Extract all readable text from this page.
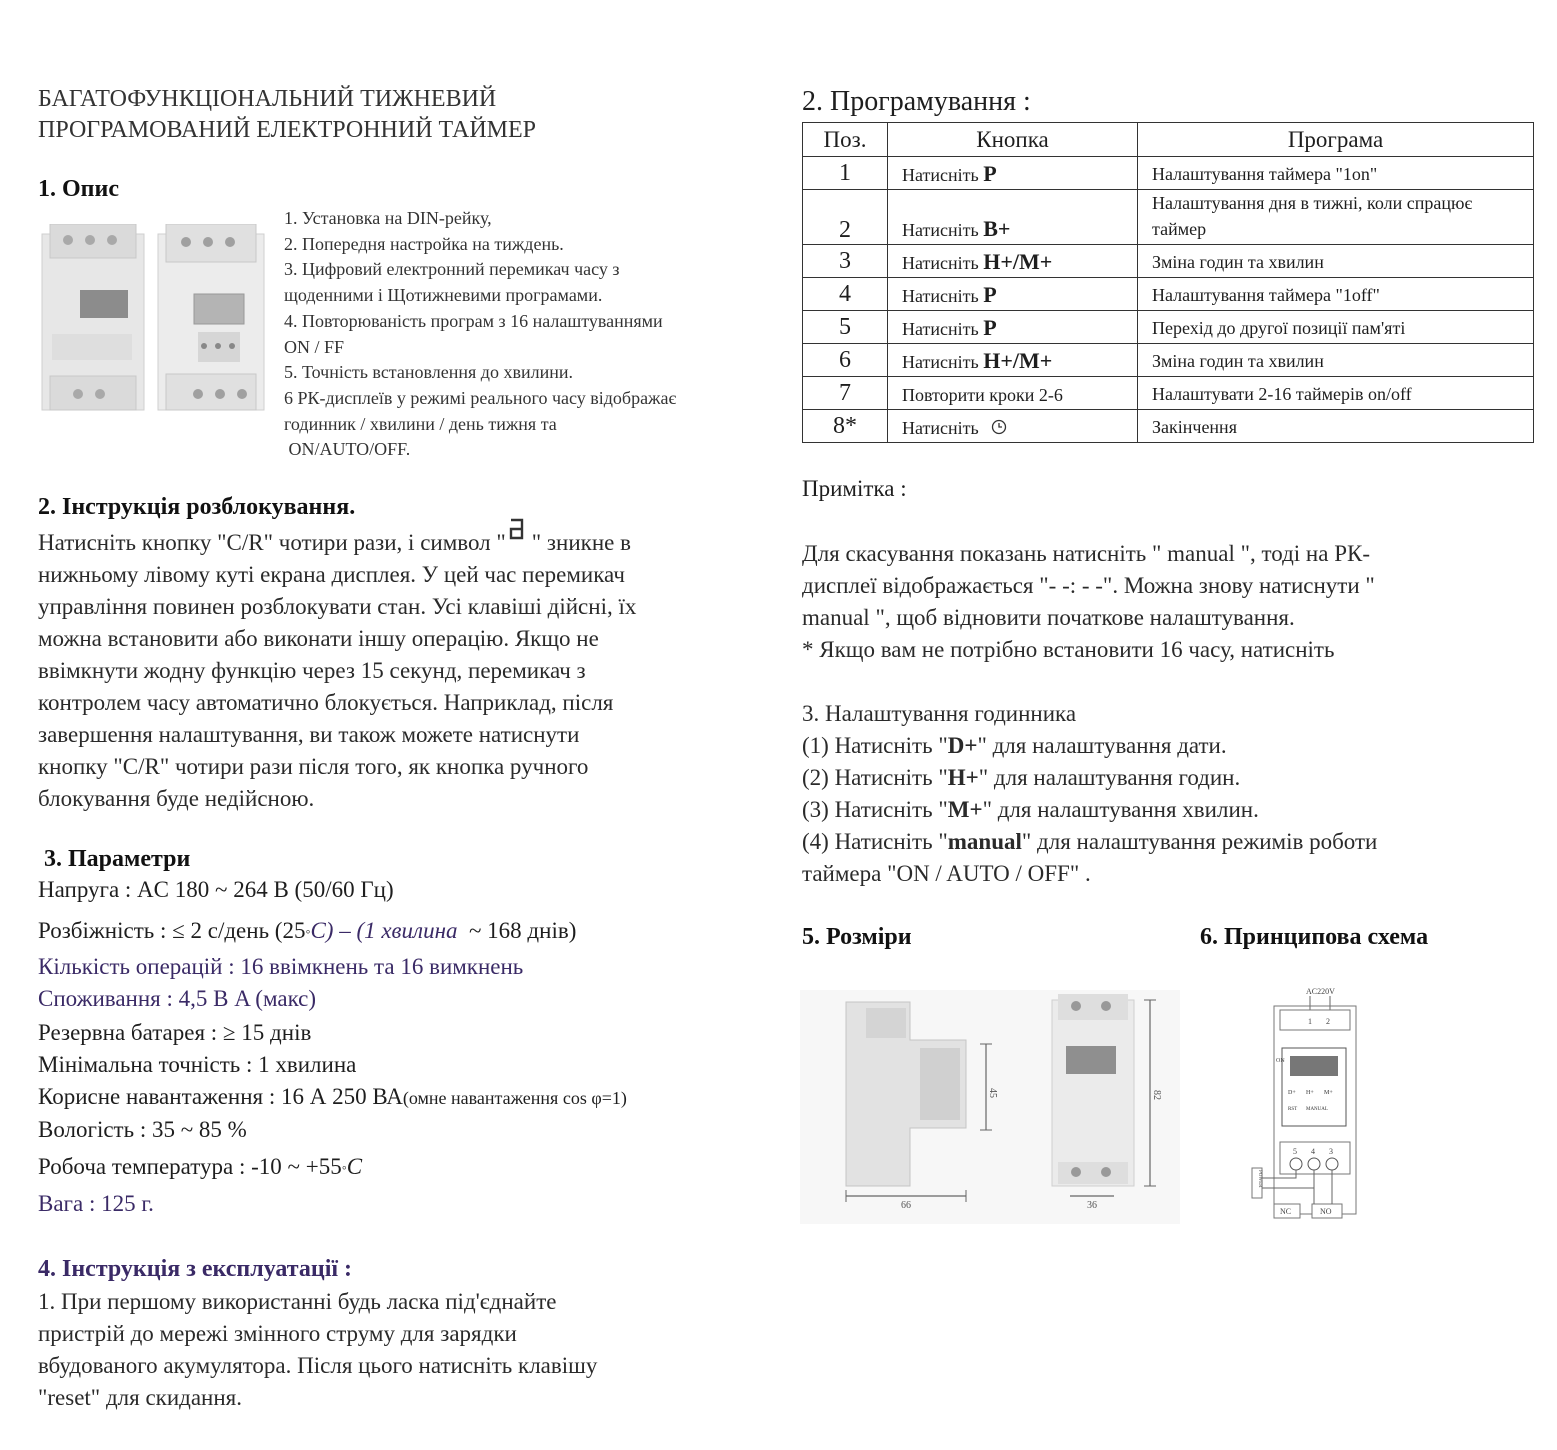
БАГАТОФУНКЦІОНАЛЬНИЙ ТИЖНЕВИЙ
ПРОГРАМОВАНИЙ ЕЛЕКТРОННИЙ ТАЙМЕР
1. Опис
1. Установка на DIN-рейку,
2. Попередня настройка на тиждень.
3. Цифровий електронний перемикач часу з
щоденними і Щотижневими програмами.
4. Повторюваність програм з 16 налаштуваннями
ON / FF
5. Точність встановлення до хвилини.
6 РК-дисплеїв у режимі реального часу відображає
годинник / хвилини / день тижня та
ON/AUTO/OFF.
2. Інструкція розблокування.
Натисніть кнопку "C/R" чотири рази, і символ " " зникне в
нижньому лівому куті екрана дисплея. У цей час перемикач
управління повинен розблокувати стан. Усі клавіші дійсні, їх
можна встановити або виконати іншу операцію. Якщо не
ввімкнути жодну функцію через 15 секунд, перемикач з
контролем часу автоматично блокується. Наприклад, після
завершення налаштування, ви також можете натиснути
кнопку "C/R" чотири рази після того, як кнопка ручного
блокування буде недійсною.
3. Параметри
Напруга : AC 180 ~ 264 B (50/60 Гц)
Розбіжність : ≤ 2 с/день (25◦C) – (1 хвилина  ~ 168 днів)
Кількість операцій : 16 ввімкнень та 16 вимкнень
Споживання : 4,5 В A (макс)
Резервна батарея : ≥ 15 днів
Мінімальна точність : 1 хвилина
Корисне навантаження : 16 А 250 ВА(омне навантаження cos φ=1)
Вологість : 35 ~ 85 %
Робоча температура : -10 ~ +55◦C
Вага : 125 г.
4. Інструкція з експлуатації :
1. При першому використанні будь ласка під'єднайте
пристрій до мережі змінного струму для зарядки
вбудованого акумулятора. Після цього натисніть клавішу
"reset" для скидання.
2. Програмування :
Поз.	Кнопка	Програма
1	Натисніть P	Налаштування таймера "1on"
2	Натисніть B+	Налаштування дня в тижні, коли спрацює таймер
3	Натисніть H+/M+	Зміна годин та хвилин
4	Натисніть P	Налаштування таймера "1off"
5	Натисніть P	Перехід до другої позиції пам'яті
6	Натисніть H+/M+	Зміна годин та хвилин
7	Повторити кроки 2-6	Налаштувати 2-16 таймерів on/off
8*	Натисніть	Закінчення
Примітка :
Для скасування показань натисніть " manual ", тоді на РК-
дисплеї відображається "- -: - -". Можна знову натиснути "
manual ", щоб відновити початкове налаштування.
* Якщо вам не потрібно встановити 16 часу, натисніть
3. Налаштування годинника
(1) Натисніть "D+" для налаштування дати.
(2) Натисніть "H+" для налаштування годин.
(3) Натисніть "M+" для налаштування хвилин.
(4) Натисніть "manual" для налаштування режимів роботи
таймера "ON / AUTO / OFF" .
5. Розміри	6. Принципова схема
45
66
82
36
AC220V
1 2
ON
D+ H+ M+
RST MANUAL
5 4 3
POWER
NC	NO
